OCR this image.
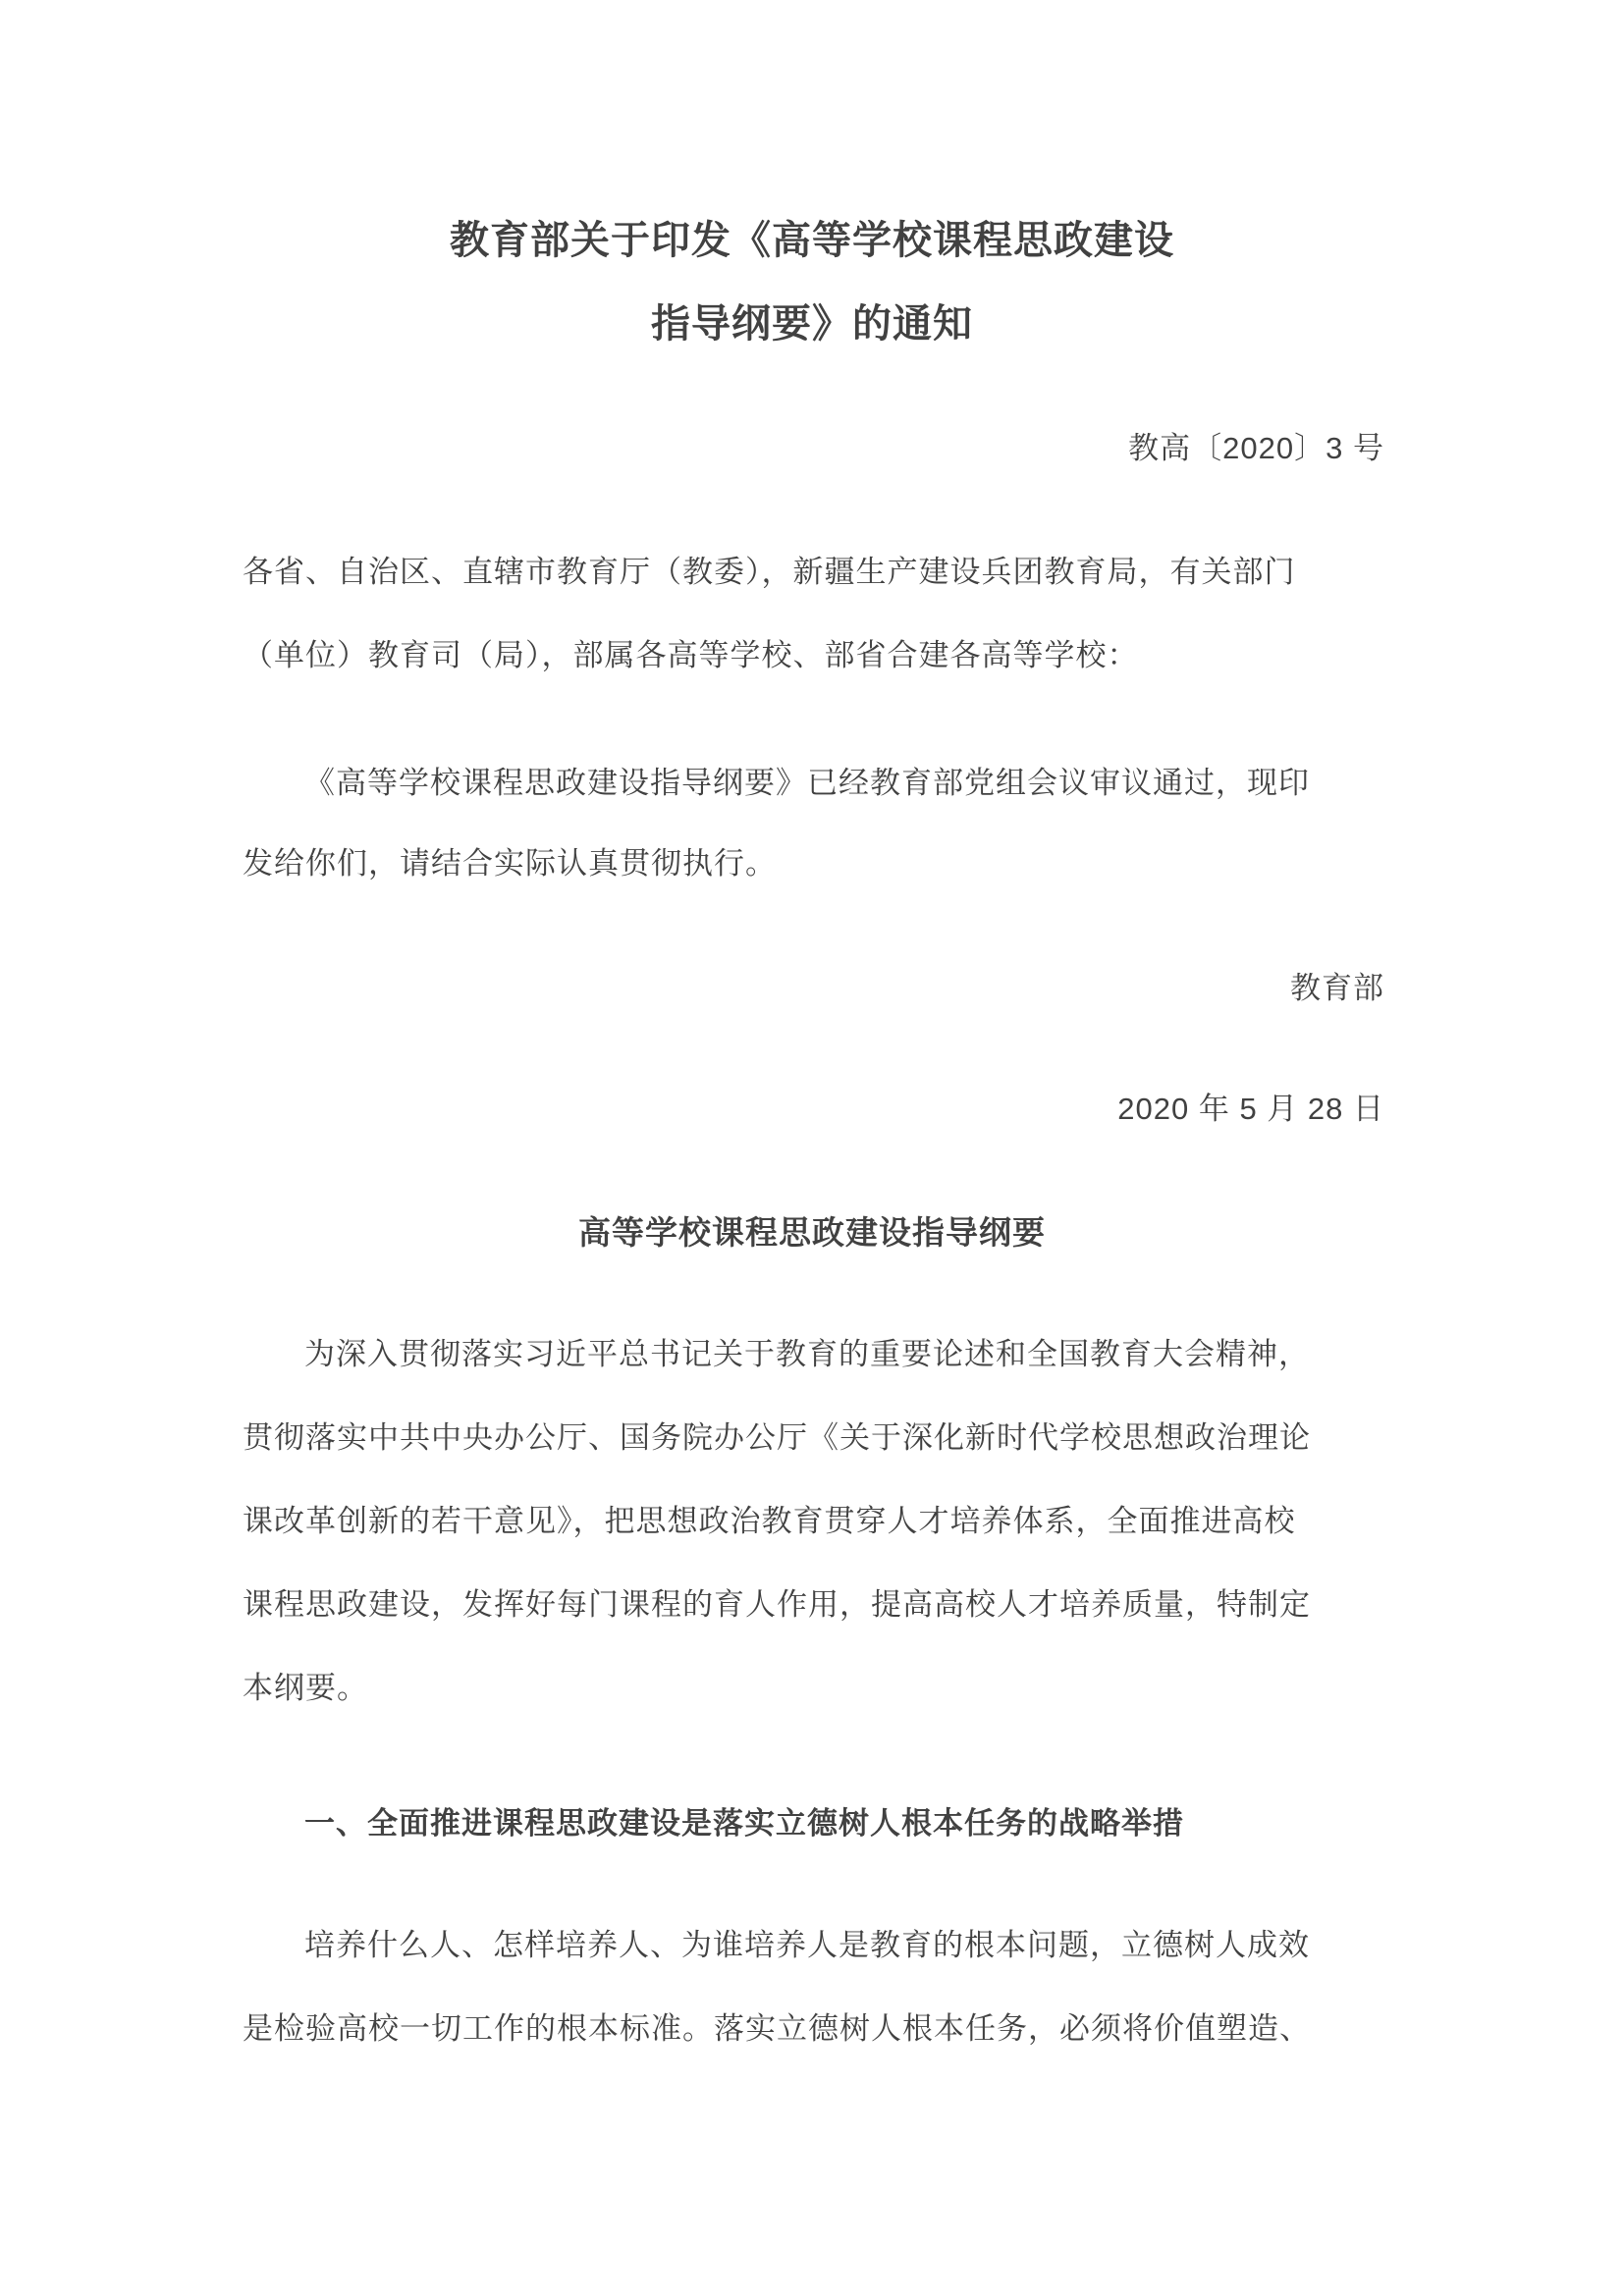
教育部关于印发《高等学校课程思政建设
指导纲要》的通知
教高〔2020〕3 号
各省、自治区、直辖市教育厅（教委），新疆生产建设兵团教育局，有关部门
（单位）教育司（局），部属各高等学校、部省合建各高等学校：
《高等学校课程思政建设指导纲要》已经教育部党组会议审议通过，现印
发给你们，请结合实际认真贯彻执行。
教育部
2020 年 5 月 28 日
高等学校课程思政建设指导纲要
为深入贯彻落实习近平总书记关于教育的重要论述和全国教育大会精神，
贯彻落实中共中央办公厅、国务院办公厅《关于深化新时代学校思想政治理论
课改革创新的若干意见》，把思想政治教育贯穿人才培养体系，全面推进高校
课程思政建设，发挥好每门课程的育人作用，提高高校人才培养质量，特制定
本纲要。
一、全面推进课程思政建设是落实立德树人根本任务的战略举措
培养什么人、怎样培养人、为谁培养人是教育的根本问题，立德树人成效
是检验高校一切工作的根本标准。落实立德树人根本任务，必须将价值塑造、
